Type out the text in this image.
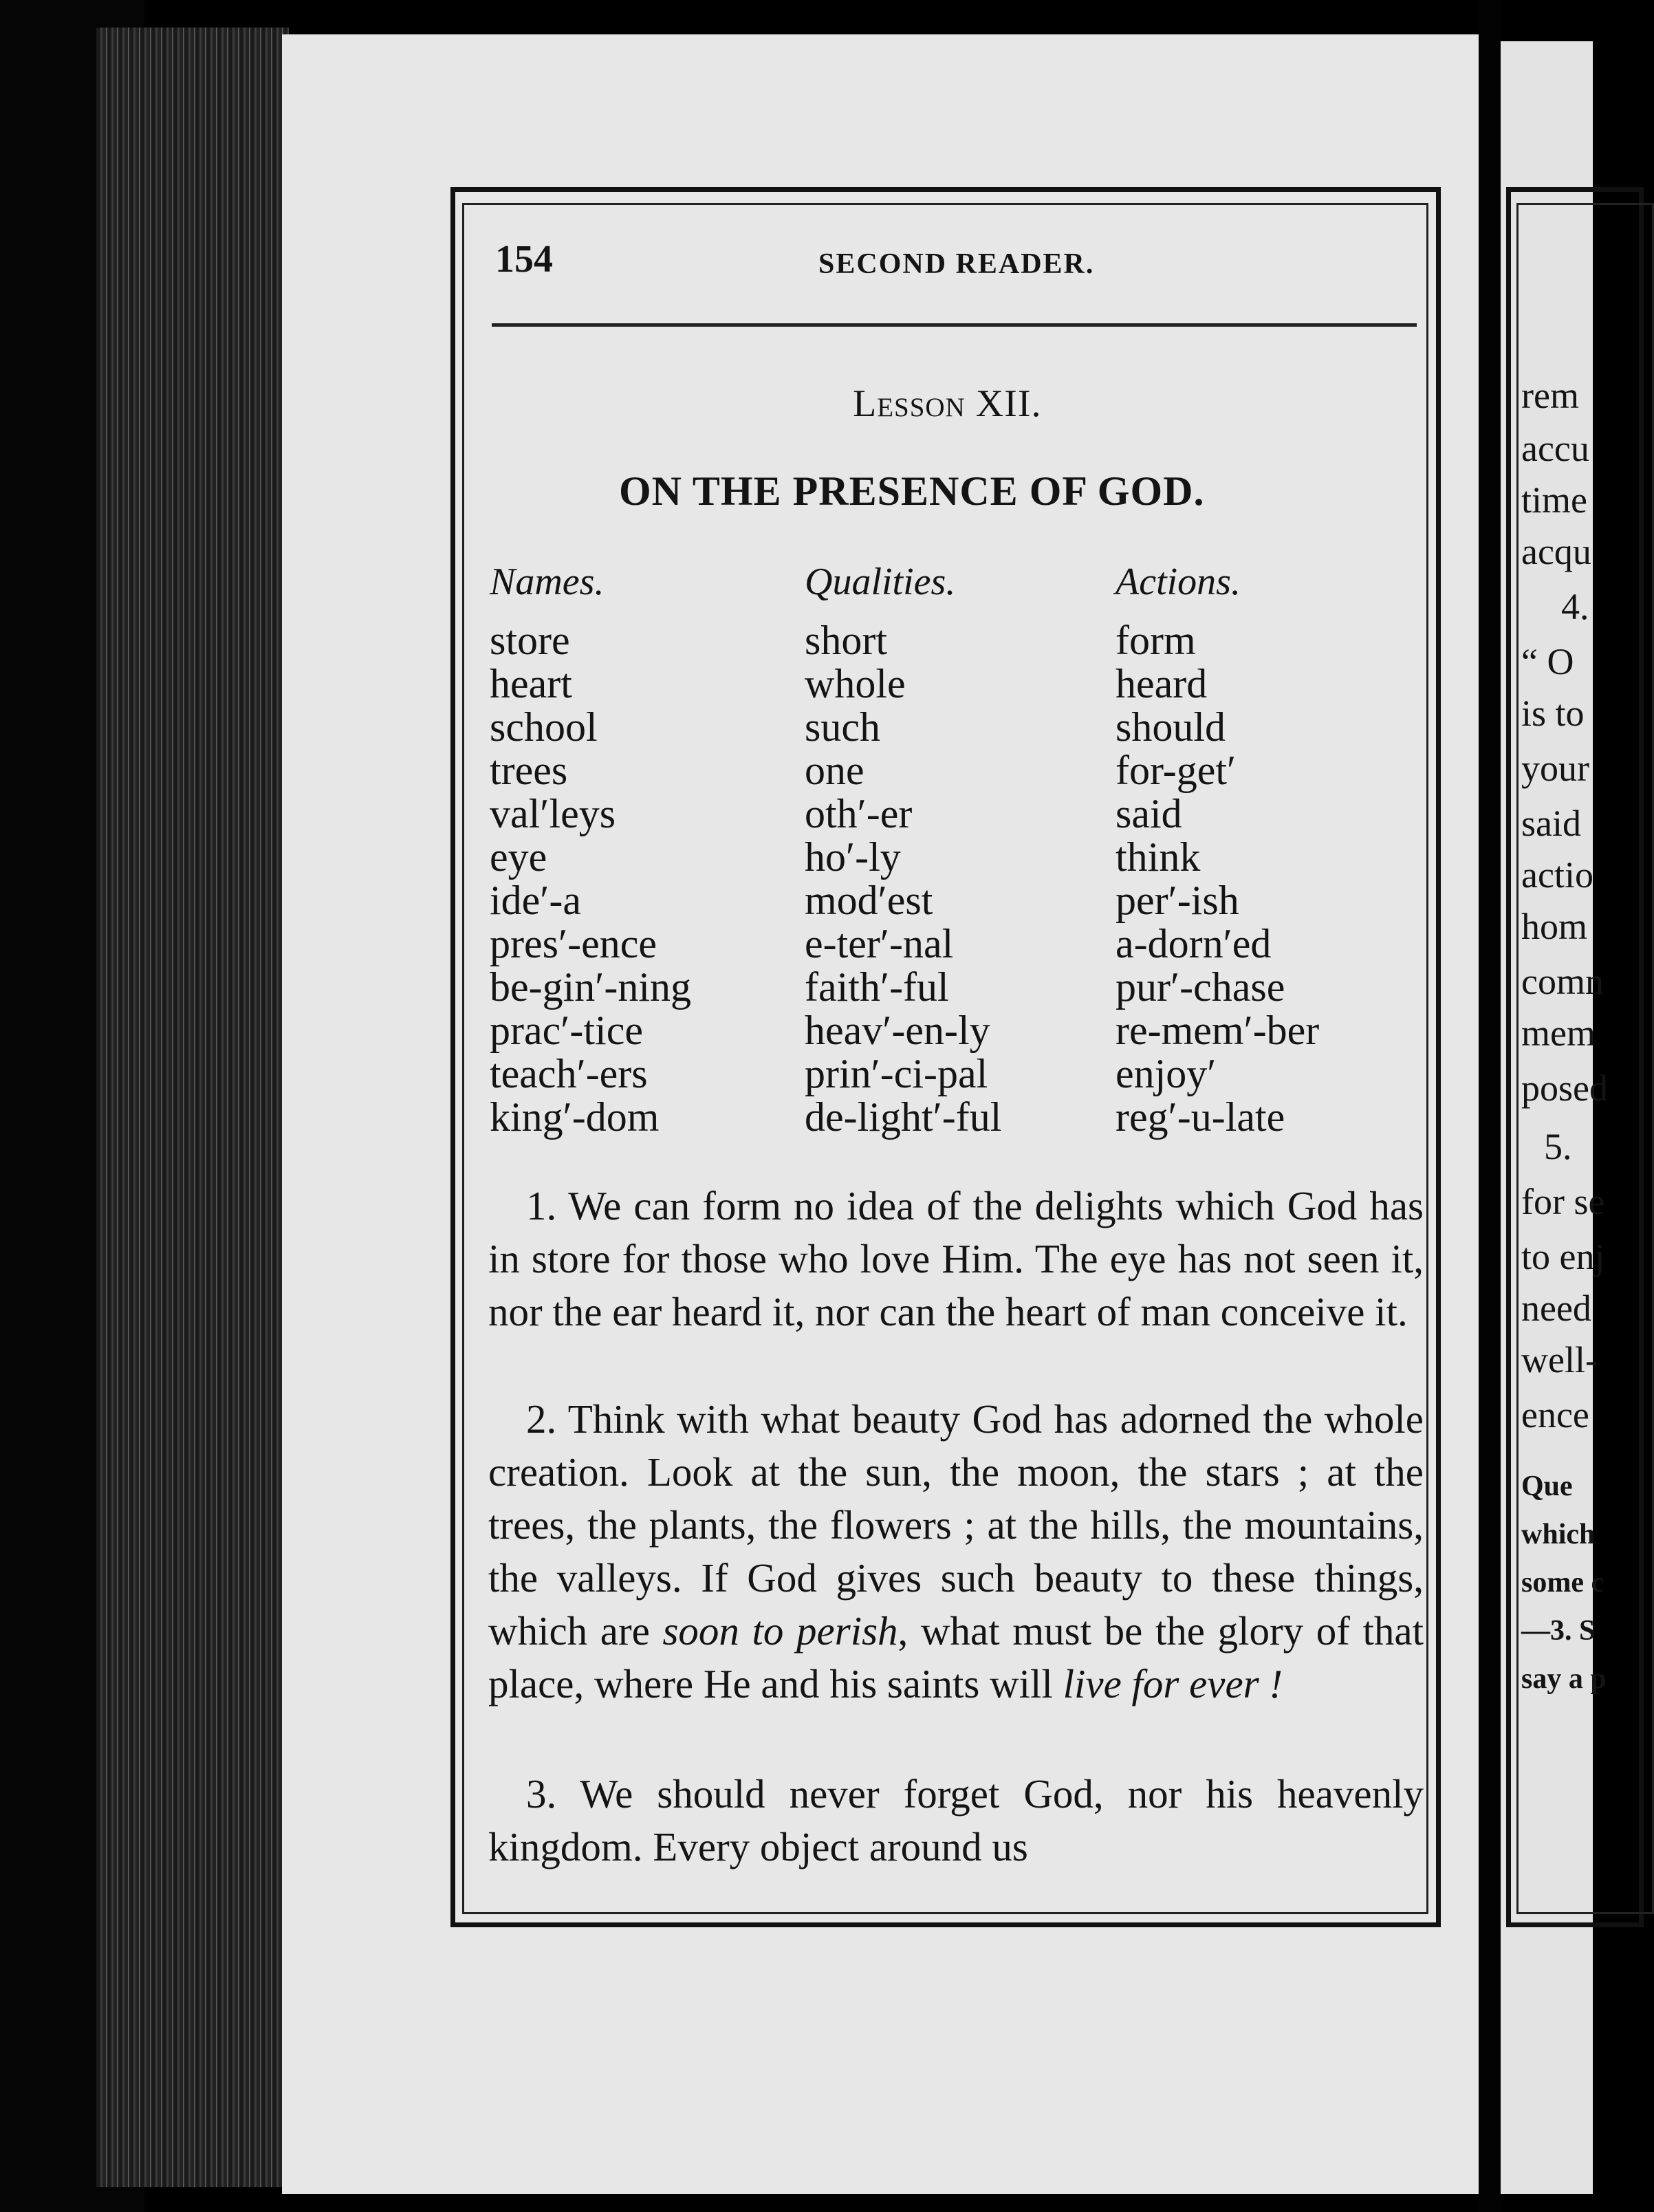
154	SECOND READER.
Lesson XII.
ON THE PRESENCE OF GOD.
Names.
store
heart
school
trees
val′leys
eye
ide′-a
pres′-ence
be-gin′-ning
prac′-tice
teach′-ers
king′-dom
Qualities.
short
whole
such
one
oth′-er
ho′-ly
mod′est
e-ter′-nal
faith′-ful
heav′-en-ly
prin′-ci-pal
de-light′-ful
Actions.
form
heard
should
for-get′
said
think
per′-ish
a-dorn′ed
pur′-chase
re-mem′-ber
enjoy′
reg′-u-late
1. We can form no idea of the delights which God has in store for those who love Him. The eye has not seen it, nor the ear heard it, nor can the heart of man conceive it.
2. Think with what beauty God has adorned the whole creation. Look at the sun, the moon, the stars ; at the trees, the plants, the flowers ; at the hills, the mountains, the valleys. If God gives such beauty to these things, which are soon to perish, what must be the glory of that place, where He and his saints will live for ever !
3. We should never forget God, nor his heavenly kingdom. Every object around us
rem
accu
time
acqu
4.
“ O
is to
your
said
actio
hom
comn
mem
posed
5.
for se
to enj
need
well-
ence
Que
which
some c
—3. S
say a p
